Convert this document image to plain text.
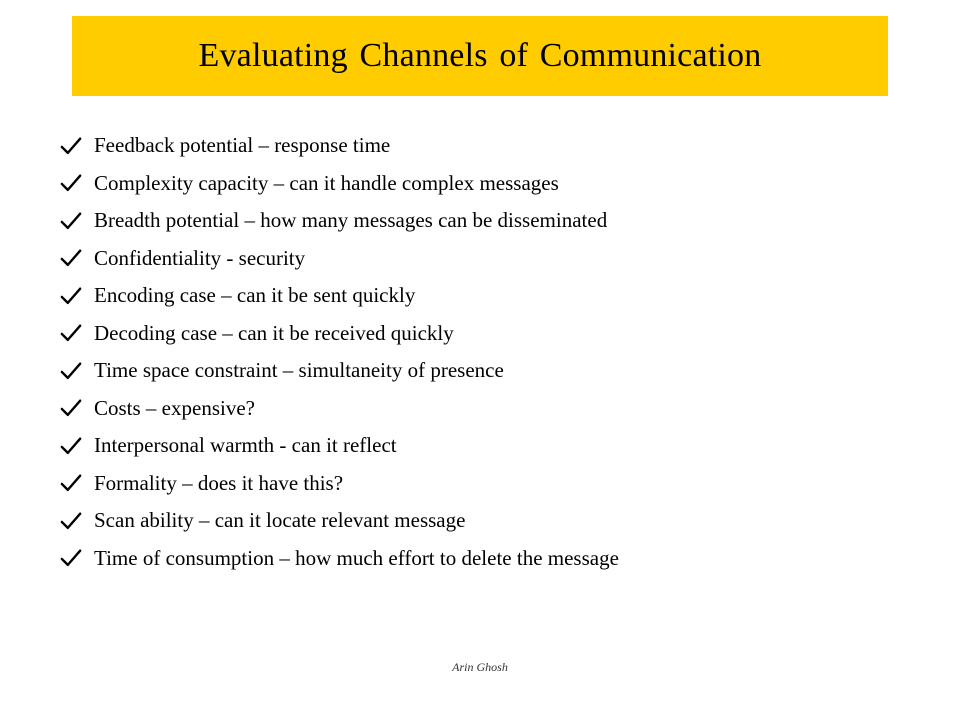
Evaluating Channels of Communication
Feedback potential – response time
Complexity capacity – can it handle complex messages
Breadth potential – how many messages can be disseminated
Confidentiality - security
Encoding case – can it be sent quickly
Decoding case – can it be received quickly
Time space constraint – simultaneity of presence
Costs – expensive?
Interpersonal warmth - can it reflect
Formality – does it have this?
Scan ability – can it locate relevant message
Time of consumption – how much effort to delete the message
Arin Ghosh
